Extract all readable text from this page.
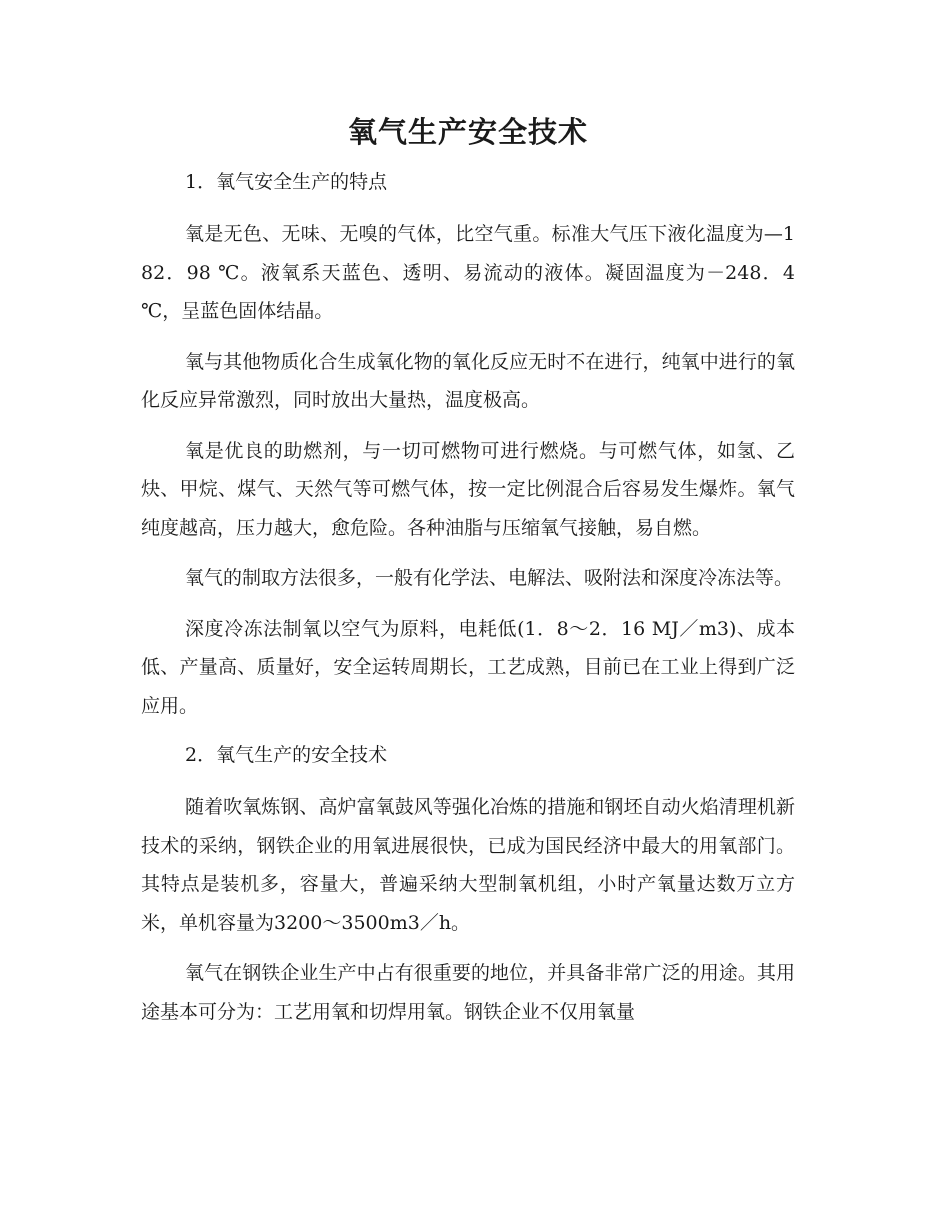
氧气生产安全技术

1．氧气安全生产的特点

氧是无色、无味、无嗅的气体，比空气重。标准大气压下液化温度为—182．98 ℃。液氧系天蓝色、透明、易流动的液体。凝固温度为－248．4 ℃，呈蓝色固体结晶。

氧与其他物质化合生成氧化物的氧化反应无时不在进行，纯氧中进行的氧化反应异常激烈，同时放出大量热，温度极高。

氧是优良的助燃剂，与一切可燃物可进行燃烧。与可燃气体，如氢、乙炔、甲烷、煤气、天然气等可燃气体，按一定比例混合后容易发生爆炸。氧气纯度越高，压力越大，愈危险。各种油脂与压缩氧气接触，易自燃。

氧气的制取方法很多，一般有化学法、电解法、吸附法和深度冷冻法等。

深度冷冻法制氧以空气为原料，电耗低(1．8～2．16 MJ／m3)、成本低、产量高、质量好，安全运转周期长，工艺成熟，目前已在工业上得到广泛应用。

2．氧气生产的安全技术

随着吹氧炼钢、高炉富氧鼓风等强化冶炼的措施和钢坯自动火焰清理机新技术的采纳，钢铁企业的用氧进展很快，已成为国民经济中最大的用氧部门。其特点是装机多，容量大，普遍采纳大型制氧机组，小时产氧量达数万立方米，单机容量为3200～3500m3／h。

氧气在钢铁企业生产中占有很重要的地位，并具备非常广泛的用途。其用途基本可分为：工艺用氧和切焊用氧。钢铁企业不仅用氧量
